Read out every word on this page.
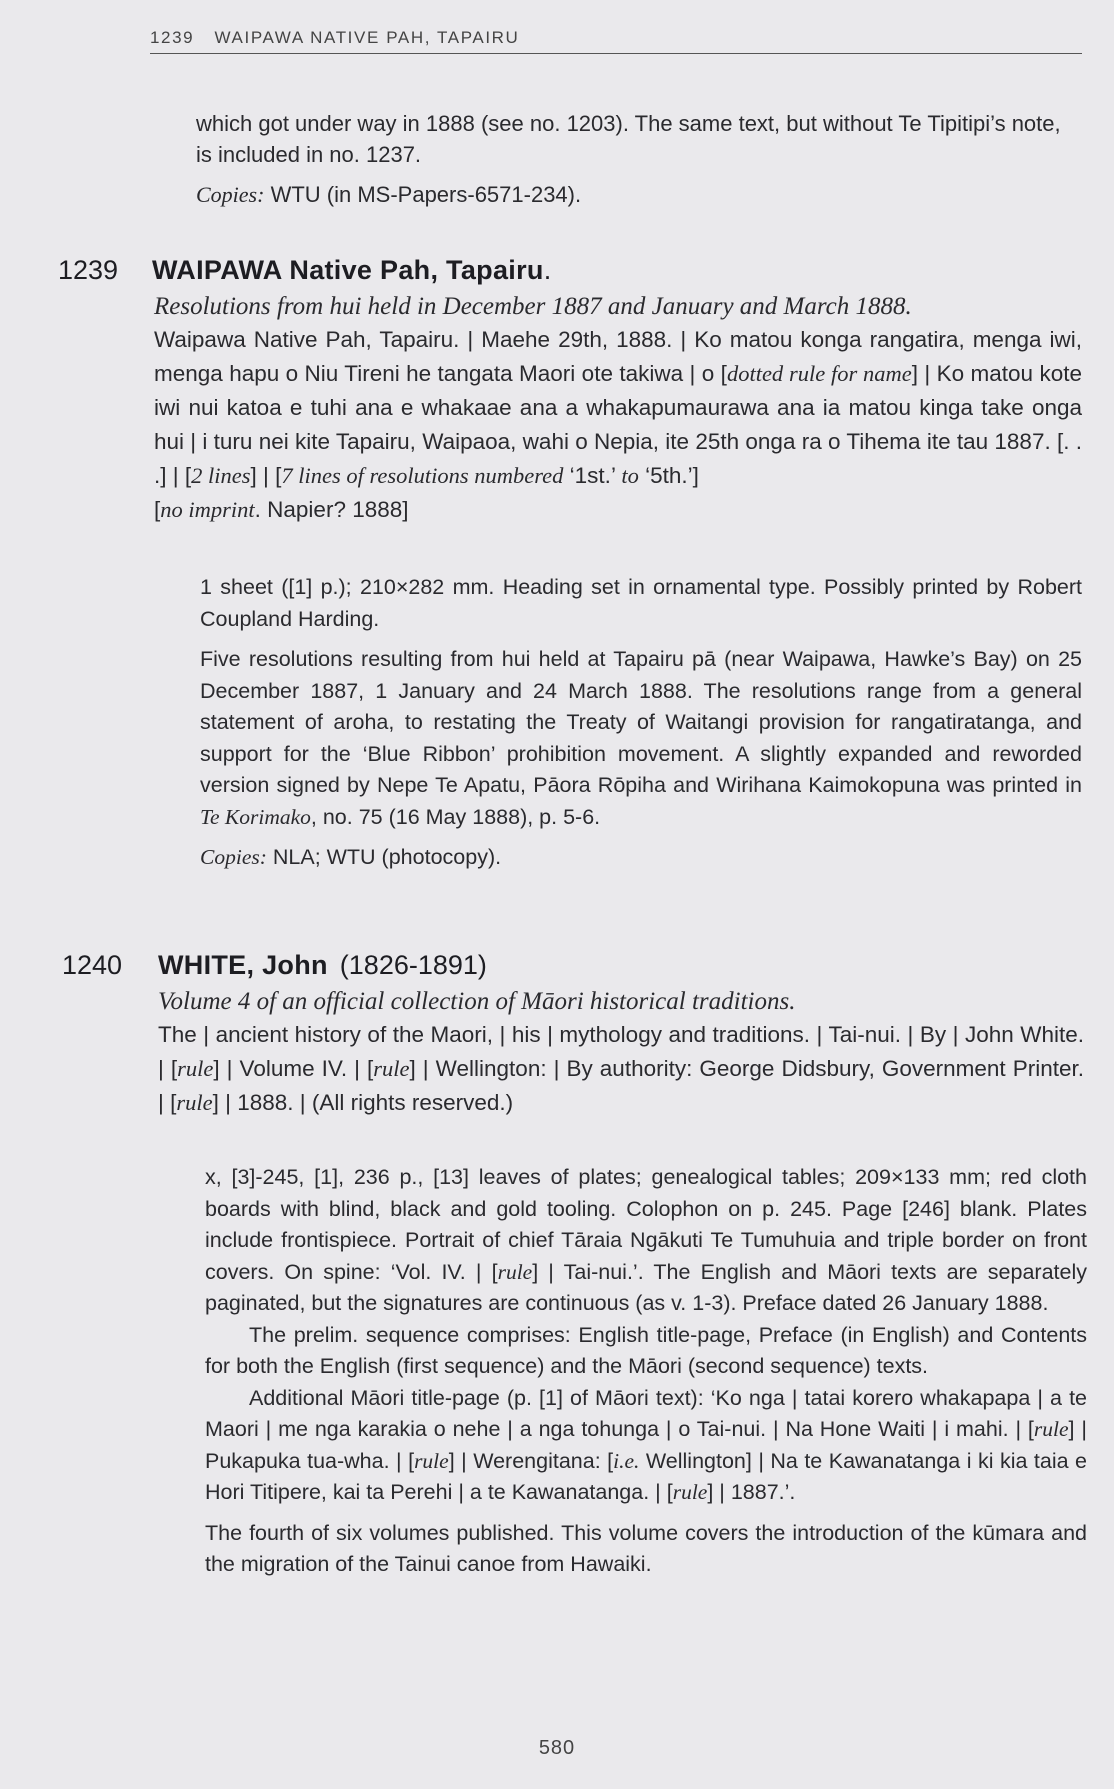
1239 WAIPAWA NATIVE PAH, TAPAIRU

which got under way in 1888 (see no. 1203). The same text, but without Te Tipitipi’s note, is included in no. 1237.

Copies: WTU (in MS-Papers-6571-234).

1239 WAIPAWA Native Pah, Tapairu.

Resolutions from hui held in December 1887 and January and March 1888.

Waipawa Native Pah, Tapairu. | Maehe 29th, 1888. | Ko matou konga rangatira, menga iwi, menga hapu o Niu Tireni he tangata Maori ote takiwa | o [dotted rule for name] | Ko matou kote iwi nui katoa e tuhi ana e whakaae ana a whakapumaurawa ana ia matou kinga take onga hui | i turu nei kite Tapairu, Waipaoa, wahi o Nepia, ite 25th onga ra o Tihema ite tau 1887. [. . .] | [2 lines] | [7 lines of resolutions numbered ‘1st.’ to ‘5th.’]

[no imprint. Napier? 1888]

1 sheet ([1] p.); 210×282 mm. Heading set in ornamental type. Possibly printed by Robert Coupland Harding.

Five resolutions resulting from hui held at Tapairu pā (near Waipawa, Hawke’s Bay) on 25 December 1887, 1 January and 24 March 1888. The resolutions range from a general statement of aroha, to restating the Treaty of Waitangi provision for rangatiratanga, and support for the ‘Blue Ribbon’ prohibition movement. A slightly expanded and reworded version signed by Nepe Te Apatu, Pāora Rōpiha and Wirihana Kaimokopuna was printed in Te Korimako, no. 75 (16 May 1888), p. 5-6.

Copies: NLA; WTU (photocopy).

1240 WHITE, John (1826-1891)

Volume 4 of an official collection of Māori historical traditions.

The | ancient history of the Maori, | his | mythology and traditions. | Tai-nui. | By | John White. | [rule] | Volume IV. | [rule] | Wellington: | By authority: George Didsbury, Government Printer. | [rule] | 1888. | (All rights reserved.)

x, [3]-245, [1], 236 p., [13] leaves of plates; genealogical tables; 209×133 mm; red cloth boards with blind, black and gold tooling. Colophon on p. 245. Page [246] blank. Plates include frontispiece. Portrait of chief Tāraia Ngākuti Te Tumuhuia and triple border on front covers. On spine: ‘Vol. IV. | [rule] | Tai-nui.’. The English and Māori texts are separately paginated, but the signatures are continuous (as v. 1-3). Preface dated 26 January 1888.

The prelim. sequence comprises: English title-page, Preface (in English) and Contents for both the English (first sequence) and the Māori (second sequence) texts.

Additional Māori title-page (p. [1] of Māori text): ‘Ko nga | tatai korero whakapapa | a te Maori | me nga karakia o nehe | a nga tohunga | o Tai-nui. | Na Hone Waiti | i mahi. | [rule] | Pukapuka tua-wha. | [rule] | Werengitana: [i.e. Wellington] | Na te Kawanatanga i ki kia taia e Hori Titipere, kai ta Perehi | a te Kawanatanga. | [rule] | 1887.’.

The fourth of six volumes published. This volume covers the introduction of the kūmara and the migration of the Tainui canoe from Hawaiki.

580
